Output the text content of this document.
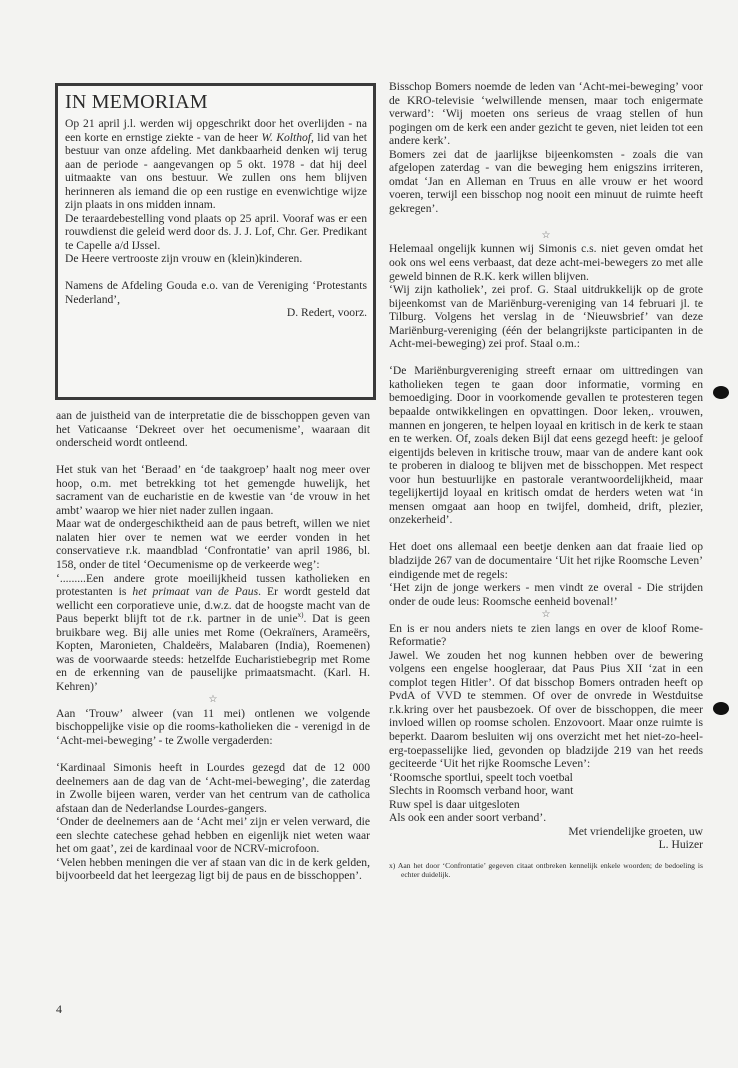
IN MEMORIAM

Op 21 april j.l. werden wij opgeschrikt door het overlijden - na een korte en ernstige ziekte - van de heer W. Kolthof, lid van het bestuur van onze afdeling. Met dankbaarheid denken wij terug aan de periode - aangevangen op 5 okt. 1978 - dat hij deel uitmaakte van ons bestuur. We zullen ons hem blijven herinneren als iemand die op een rustige en evenwichtige wijze zijn plaats in ons midden innam.

De teraardebestelling vond plaats op 25 april. Vooraf was er een rouwdienst die geleid werd door ds. J. J. Lof, Chr. Ger. Predikant te Capelle a/d IJssel.

De Heere vertrooste zijn vrouw en (klein)kinderen.

Namens de Afdeling Gouda e.o. van de Vereniging ‘Protestants Nederland’,

D. Redert, voorz.

aan de juistheid van de interpretatie die de bisschoppen geven van het Vaticaanse ‘Dekreet over het oecumenisme’, waaraan dit onderscheid wordt ontleend.

Het stuk van het ‘Beraad’ en ‘de taakgroep’ haalt nog meer over hoop, o.m. met betrekking tot het gemengde huwelijk, het sacrament van de eucharistie en de kwestie van ‘de vrouw in het ambt’ waarop we hier niet nader zullen ingaan.

Maar wat de ondergeschiktheid aan de paus betreft, willen we niet nalaten hier over te nemen wat we eerder vonden in het conservatieve r.k. maandblad ‘Confrontatie’ van april 1986, bl. 158, onder de titel ‘Oecumenisme op de verkeerde weg’:

‘.........Een andere grote moeilijkheid tussen katholieken en protestanten is het primaat van de Paus. Er wordt gesteld dat wellicht een corporatieve unie, d.w.z. dat de hoogste macht van de Paus beperkt blijft tot de r.k. partner in de unie$^{x)}$. Dat is geen bruikbare weg. Bij alle unies met Rome (Oekraïners, Arameërs, Kopten, Maronieten, Chaldeërs, Malabaren (India), Roemenen) was de voorwaarde steeds: hetzelfde Eucharistiebegrip met Rome en de erkenning van de pauselijke primaatsmacht. (Karl. H. Kehren)’

☆

Aan ‘Trouw’ alweer (van 11 mei) ontlenen we volgende bischoppelijke visie op die rooms-katholieken die - verenigd in de ‘Acht-mei-beweging’ - te Zwolle vergaderden:

‘Kardinaal Simonis heeft in Lourdes gezegd dat de 12 000 deelnemers aan de dag van de ‘Acht-mei-beweging’, die zaterdag in Zwolle bijeen waren, verder van het centrum van de catholica afstaan dan de Nederlandse Lourdes-gangers.

‘Onder de deelnemers aan de ‘Acht mei’ zijn er velen verward, die een slechte catechese gehad hebben en eigenlijk niet weten waar het om gaat’, zei de kardinaal voor de NCRV-microfoon.

‘Velen hebben meningen die ver af staan van dic in de kerk gelden, bijvoorbeeld dat het leergezag ligt bij de paus en de bisschoppen’.

Bisschop Bomers noemde de leden van ‘Acht-mei-beweging’ voor de KRO-televisie ‘welwillende mensen, maar toch enigermate verward’: ‘Wij moeten ons serieus de vraag stellen of hun pogingen om de kerk een ander gezicht te geven, niet leiden tot een andere kerk’.

Bomers zei dat de jaarlijkse bijeenkomsten - zoals die van afgelopen zaterdag - van die beweging hem enigszins irriteren, omdat ‘Jan en Alleman en Truus en alle vrouw er het woord voeren, terwijl een bisschop nog nooit een minuut de ruimte heeft gekregen’.

☆

Helemaal ongelijk kunnen wij Simonis c.s. niet geven omdat het ook ons wel eens verbaast, dat deze acht-mei-bewegers zo met alle geweld binnen de R.K. kerk willen blijven.

‘Wij zijn katholiek’, zei prof. G. Staal uitdrukkelijk op de grote bijeenkomst van de Mariënburg-vereniging van 14 februari jl. te Tilburg. Volgens het verslag in de ‘Nieuwsbrief’ van deze Mariënburg-vereniging (één der belangrijkste participanten in de Acht-mei-beweging) zei prof. Staal o.m.:

‘De Mariënburgvereniging streeft ernaar om uittredingen van katholieken tegen te gaan door informatie, vorming en bemoediging. Door in voorkomende gevallen te protesteren tegen bepaalde ontwikkelingen en opvattingen. Door leken,. vrouwen, mannen en jongeren, te helpen loyaal en kritisch in de kerk te staan en te werken. Of, zoals deken Bijl dat eens gezegd heeft: je geloof eigentijds beleven in kritische trouw, maar van de andere kant ook te proberen in dialoog te blijven met de bisschoppen. Met respect voor hun bestuurlijke en pastorale verantwoordelijkheid, maar tegelijkertijd loyaal en kritisch omdat de herders weten wat ‘in mensen omgaat aan hoop en twijfel, domheid, drift, plezier, onzekerheid’.

Het doet ons allemaal een beetje denken aan dat fraaie lied op bladzijde 267 van de documentaire ‘Uit het rijke Roomsche Leven’ eindigende met de regels:

‘Het zijn de jonge werkers - men vindt ze overal - Die strijden onder de oude leus: Roomsche eenheid bovenal!’

☆

En is er nou anders niets te zien langs en over de kloof Rome-Reformatie?

Jawel. We zouden het nog kunnen hebben over de bewering volgens een engelse hoogleraar, dat Paus Pius XII ‘zat in een complot tegen Hitler’. Of dat bisschop Bomers ontraden heeft op PvdA of VVD te stemmen. Of over de onvrede in Westduitse r.k.kring over het pausbezoek. Of over de bisschoppen, die meer invloed willen op roomse scholen. Enzovoort. Maar onze ruimte is beperkt. Daarom besluiten wij ons overzicht met het niet-zo-heel-erg-toepasselijke lied, gevonden op bladzijde 219 van het reeds geciteerde ‘Uit het rijke Roomsche Leven’:

‘Roomsche sportlui, speelt toch voetbal

Slechts in Roomsch verband hoor, want

Ruw spel is daar uitgesloten

Als ook een ander soort verband’.

Met vriendelijke groeten, uw

L. Huizer

x) Aan het door ‘Confrontatie’ gegeven citaat ontbreken kennelijk enkele woorden; de bedoeling is echter duidelijk.

4
